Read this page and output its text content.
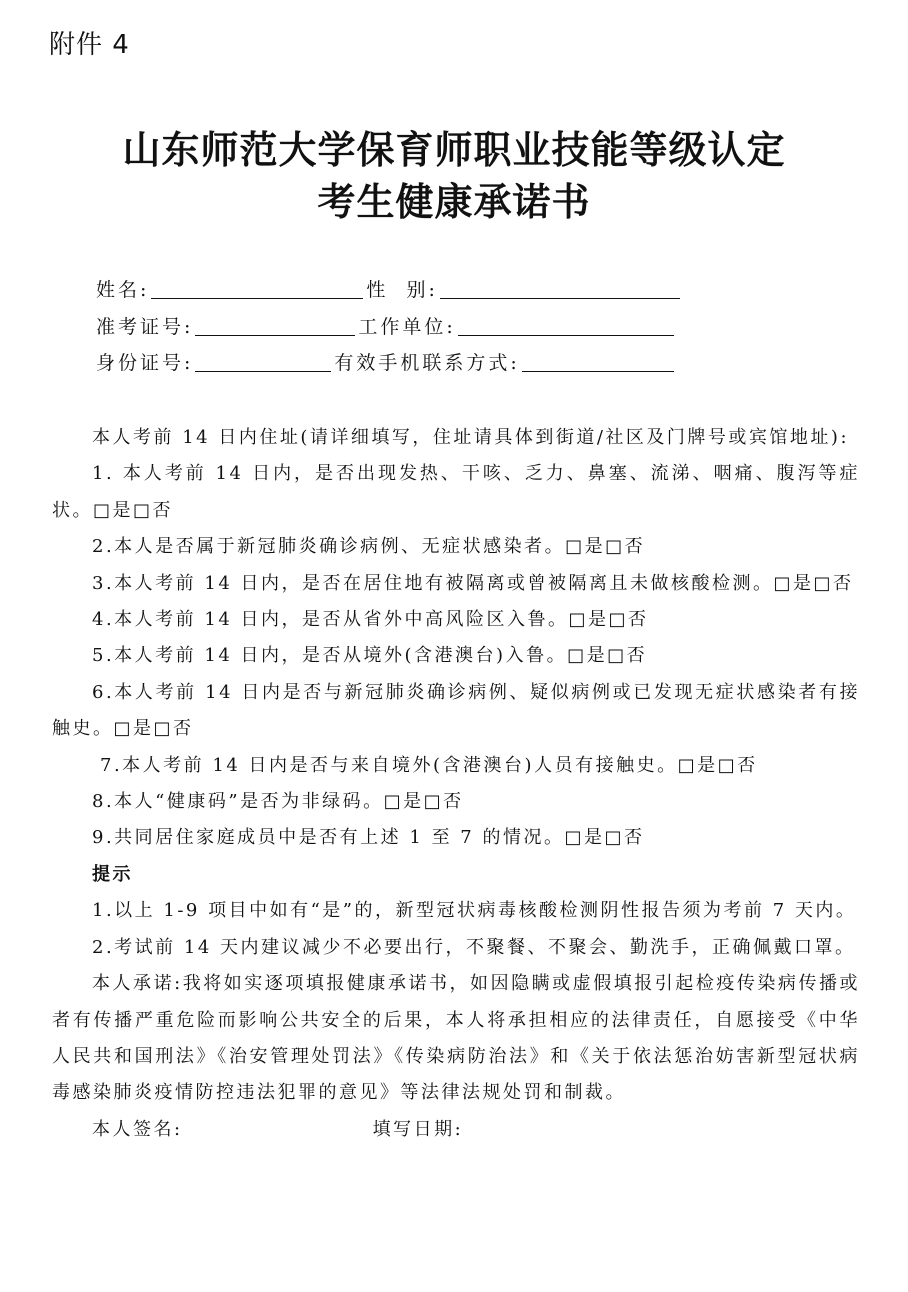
附件 4
山东师范大学保育师职业技能等级认定
考生健康承诺书
姓名:	性  别:
准考证号:	工作单位:
身份证号:	有效手机联系方式:

本人考前 14 日内住址(请详细填写，住址请具体到街道/社区及门牌号或宾馆地址):

1. 本人考前 14 日内，是否出现发热、干咳、乏力、鼻塞、流涕、咽痛、腹泻等症状。□是□否

2.本人是否属于新冠肺炎确诊病例、无症状感染者。□是□否

3.本人考前 14 日内，是否在居住地有被隔离或曾被隔离且未做核酸检测。□是□否

4.本人考前 14 日内，是否从省外中高风险区入鲁。□是□否

5.本人考前 14 日内，是否从境外(含港澳台)入鲁。□是□否

6.本人考前 14 日内是否与新冠肺炎确诊病例、疑似病例或已发现无症状感染者有接触史。□是□否

7.本人考前 14 日内是否与来自境外(含港澳台)人员有接触史。□是□否

8.本人“健康码”是否为非绿码。□是□否

9.共同居住家庭成员中是否有上述 1 至 7 的情况。□是□否

提示

1.以上 1-9 项目中如有“是”的，新型冠状病毒核酸检测阴性报告须为考前 7 天内。

2.考试前 14 天内建议减少不必要出行，不聚餐、不聚会、勤洗手，正确佩戴口罩。

本人承诺:我将如实逐项填报健康承诺书，如因隐瞒或虚假填报引起检疫传染病传播或者有传播严重危险而影响公共安全的后果，本人将承担相应的法律责任，自愿接受《中华人民共和国刑法》《治安管理处罚法》《传染病防治法》和《关于依法惩治妨害新型冠状病毒感染肺炎疫情防控违法犯罪的意见》等法律法规处罚和制裁。

本人签名:	填写日期:
